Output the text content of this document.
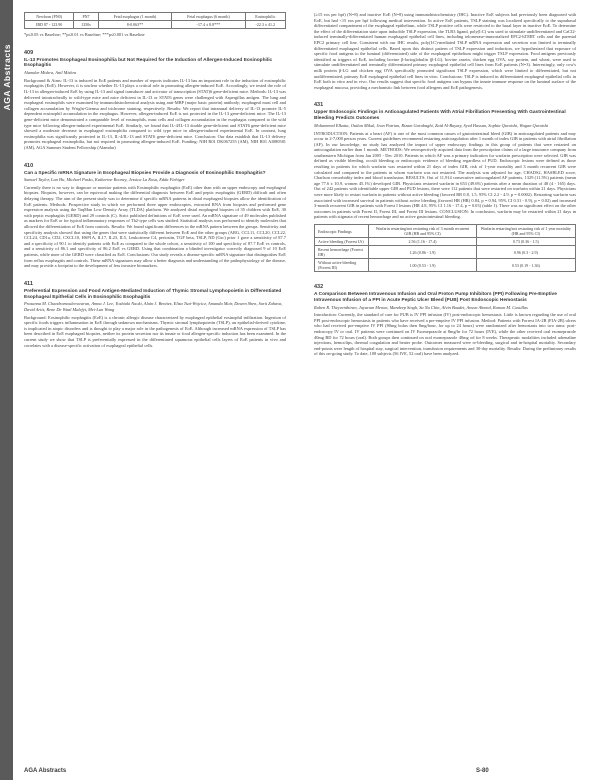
AGA Abstracts
Newborn (PN0)	PN7	Fetal esophagus (1 month)	Fetal esophagus (6 month)	Eosinophilic
IBD 87 - 123.90	1350s	8-0.063**	-17.4 ± 8.8***	-22.3 ± 41.2

*p≤0.05 vs Baseline; **p≤0.01 vs Baseline; ***p≤0.001 vs Baseline

409

IL-13 Promotes Esophageal Eosinophilia but Not Required for the Induction of Allergen-Induced Eosinophilic Esophagitis

Alamdar Mishra, Anil Mishra

Background & Aims: IL-13 is induced in EoE patients and number of reports indicates IL-13 has an important role in the induction of eosinophilic esophagitis (EoE). However, it is unclear whether IL-13 plays a critical role in promoting allergen-induced EoE. Accordingly, we tested the role of IL-13 in allergen-induced EoE by using IL-13 and signal transducer and activator of transcription (STAT)6 gene-deficient mice. Methods: IL-13 was delivered intratracheally to wild-type mice and mice deficient in IL-13 or STAT6 genes were challenged with Aspergillus antigen. The lung and esophageal eosinophils were examined by immunohistochemical analysis using anti-MBP (major basic protein) antibody; esophageal mast cell and collagen accumulation by Wright-Giemsa and trichrome staining, respectively. Results: We report that intranasal delivery of IL-13 promote IL-5 dependent eosinophil accumulation in the esophagus. However, allergen-induced EoE is not protected in the IL-13 gene-deficient mice. The IL-13 gene-deficient mice demonstrated a comparable level of eosinophils, mast cells and collagen accumulation in the esophagus compared to the wild type mice following allergen-induced experimental EoE. Similarly, we found that IL-4/IL-13 double gene-deficient and STAT6 gene-deficient mice showed a moderate decrease in esophageal eosinophilia compared to wild type mice in allergen-induced experimental EoE. In contrast, lung eosinophilia was significantly protected in IL-13, IL-4/IL-13 and STAT6 gene-deficient mice. Conclusion: Our data establish that IL-13 delivery promotes esophageal eosinophilia, but not required in promoting allergen-induced EoE. Funding: NIH R01 DK067255 (AM), NIH R01 AI080581 (AM), AGA Summer Student Fellowship (Alamdar)

410

Can a Specific mRNA Signature in Esophageal Biopsies Provide a Diagnosis of Eosinophilic Esophagitis?

Samuel Taylor, Lan Hu, Michael Pasko, Katherine Rooney, Jessica La Rosa, Edda Fiebiger

Currently there is no way to diagnose or monitor patients with Eosinophilic esophagitis (EoE) other than with an upper endoscopy and esophageal biopsies. Biopsies, however, can be equivocal making the differential diagnosis between EoE and peptic esophagitis (GERD) difficult and often delaying therapy. The aim of the present study was to determine if specific mRNA patterns in distal esophageal biopsies allow the identification of EoE patients. Methods: Prospective study in which we performed three upper endoscopies, extracted RNA from biopsies and performed gene expression analysis using the TaqMan Low Density Array (TLDA) platform. We analyzed distal esophageal biopsies of 35 children with EoE, 30 with peptic esophagitis (GERD) and 29 controls (C). Strict published definitions of EoE were used. An mRNA signature of 49 molecules published as markers for EoE or for typical inflammatory responses of Th2-type cells was studied. Statistical analysis was performed to identify molecules that allowed the differentiation of EoE from controls. Results: We found significant differences in the mRNA pattern between the groups. Sensitivity and specificity analysis showed that using the genes that were statistically different between EoE and the other groups (ARG, CCL11, CCL20, CCL22, CCL24, CD1a, CD2, CXCL10, HSP1A, IL17, IL23, IL5, Leukotriene C4, periostin, TGF beta, TSLP, ND (Gsc) prior 1 gave a sensitivity of 87.7 and a specificity of 90.1 to identify patients with EoE as compared to the whole cohort, a sensitivity of 100 and specificity of 87.7 EoE vs controls, and a sensitivity of 86.1 and specificity of 86.2 EoE vs GERD. Using that combination a blinded investigator correctly diagnosed 9 of 10 EoE patients, while none of the GERD were classified as EoE. Conclusions: Our study reveals a disease-specific mRNA signature that distinguishes EoE from reflux esophagitis and controls. These mRNA signatures may allow a better diagnosis and understanding of the pathophysiology of the disease, and may provide a footprint to the development of less invasive biomarkers.

411

Preferential Expression and Food Antigen-Mediated Induction of Thymic Stromal Lymphopoietin in Differentiated Esophageal Epithelial Cells in Eosinophilic Esophagitis

Prasanna M. Chandramouleeswaran, Amna J. Lee, Yoshiaki Naoki, Alain J. Benitez, Eliza Tsai-Wojcicz, Amanda Muir, Dawen Shen, Sarit Zahava, David Artis, Rene De Waal Malefyt, Mei-Lun Wang

Background: Eosinophilic esophagitis (EoE) is a chronic allergic disease characterized by esophageal epithelial eosinophil infiltration. Ingestion of specific foods triggers inflammation in EoE through unknown mechanisms. Thymic stromal lymphopoietin (TSLP), an epithelial-derived cytokine, is implicated in atopic disorders and is thought to play a major role in the pathogenesis of EoE. Although increased mRNA expression of TSLP has been described in EoE esophageal biopsies, neither its protein secretion nor its innate or food allergen-specific induction has been examined. In the current study we show that TSLP is preferentially expressed in the differentiated squamous epithelial cells layers of EoE patients in vivo and correlates with a disease-specific activation of esophageal epithelial cells.

(≥15 eos per hpf) (N=8) and inactive EoE (N=8) using immunohistochemistry (IHC). Inactive EoE subjects had previously been diagnosed with EoE, but had <15 eos per hpf following medical intervention. In active EoE patients, TSLP staining was localized specifically to the suprabasal differentiated compartment of the esophageal epithelium, while TSLP positive cells were restricted to the basal layer in inactive EoE. To determine the effect of the differentiation state upon inducible TSLP expression, the TLR3 ligand, poly(I:C) was used to stimulate undifferentiated and CaCl2-induced terminally-differentiated human esophageal epithelial cell lines, including telomerase-immortalized EPC2-hTERT cells and the parental EPC2 primary cell line. Consistent with our IHC results, poly(I:C)-mediated TSLP mRNA expression and secretion was limited to terminally differentiated esophageal epithelial cells. Based upon this distinct pattern of TSLP expression and induction, we hypothesized that exposure of specific food antigens to the luminal (differentiated) side of the esophageal epithelium might trigger TSLP expression. Food antigens previously identified as triggers of EoE, including bovine β-lactoglobulin (β-LG), bovine casein, chicken egg OVA, soy protein, and wheat, were used to stimulate undifferentiated and terminally differentiated primary esophageal epithelial cell lines from EoE patients (N=3). Interestingly, only cow's milk protein β-LG and chicken egg OVA specifically promoted significant TSLP expression, which were limited to differentiated, but not undifferentiated, primary EoE esophageal epithelial cell lines in vitro. Conclusions: TSLP is induced in differentiated esophageal epithelial cells in EoE both in vitro and in vivo. Our results suggest that specific food antigens can bypass the innate immune response on the luminal surface of the esophageal mucosa, providing a mechanistic link between food allergens and EoE pathogenesis.

431

Upper Endoscopic Findings in Anticoagulated Patients With Atrial Fibrillation Presenting With Gastrointestinal Bleeding Predicts Outcomes

Mohammed Elkatta, Outlan Mikal, Jean Patrian, Rizam Garabaghi, Zaid Al-Bayaty, Syed Hassan, Sophia Quraishi, Wagan Quraishi

INTRODUCTION: Patients at a heart (AF) is one of the most common causes of gastrointestinal bleed (GIB) in anticoagulated patients and may occur in 2-7,000 person years. Current guidelines recommend restarting anticoagulation after 1 month of index GIB in patients with atrial fibrillation (AF). In our knowledge, no study has analyzed the impact of upper endoscopy findings in this group of patients that were restarted on anticoagulation earlier than 1 month. METHODS: We retrospectively acquired data from the prescription claims of a large insurance company from southeastern Michigan from Jan 2005 - Dec 2010. Patients in which AF was a primary indication for warfarin prescription were selected. GIB was defined as visible bleeding, occult bleeding or endoscopic evidence of bleeding regardless of PUD. Endoscopic lesions were defined as those resulting in patients for which warfarin was restarted within 21 days of index GIB, risk of 1-year mortality and 3 month recurrent GIB were calculated and compared to the patients in whom warfarin was not restarted. The analysis was adjusted for age, CHADS2, HASBLED score, Charlson comorbidity index and blood transfusion. RESULTS: Out of 11,914 consecutive anticoagulated AF patients, 1329 (11.5%) patients (mean age 77.6 ± 10.9, women 45.1%) developed GIB. Physicians restarted warfarin in 653 (49.6%) patients after a mean duration of 48 (4 - 165) days. Out of 242 patients with identifiable upper GIB and PUD lesions, there were 112 patients that were restarted on warfarin within 21 days. Physicians were more likely to restart warfarin in patients without active bleeding (favored RR 0.8, 1.5, 95% CI 2.2 - 4.9, p = 0.0002). Restarting warfarin was associated with increased survival in patients without active bleeding (favored HR (HR) 0.84, p = 0.94, 95% CI 0.31 - 0.9), p = 0.02) and increased 3-month recurrent GIB in patients with Forest I lesions (HR 4.8, 95% CI 1.16 - 17.4, p = 0.03) (table 1). There was no significant effect on the other outcomes in patients with Forest II, Forest III, and Forest III lesions. CONCLUSION: In conclusion, warfarin may be restarted within 21 days in patients with stigmata of recent hemorrhage and no active gastrointestinal bleeding.

Endoscopic Findings	Warfarin restarting/not restarting risk of 3 month recurrent GIB (HR and 95% CI)	Warfarin restarting/not restarting risk of 1 year mortality (HR and 95% CI)
Active bleeding (Forrest IA)	2.56 (1.16 - 17.4)	0.73 (0.36 - 1.5)
Recent hemorrhage (Forrest IIB)	1.26 (0.86 - 1.9)	0.96 (0.3 - 2.9)
Without active bleeding (Forrest III)	1.00 (0.53 - 1.9)	0.53 (0.19 - 1.36)

432

A Comparison Between Intravenous Infusion and Oral Proton Pump Inhibitors (PPI) Following Pre-Emptive Intravenous Infusion of a PPI in Acute Peptic Ulcer Bleed (PUB) Post Endoscopic Hemostasis

Ruben R. Theyventhiran, Jayaram Menon, Mandeep Singh, Su Na Chin, Alvin Baudet, Anson Ahmed, Ramon M. Castillas

Introduction: Currently, the standard of care for PUB is IV PPI infusion (IV) post-endoscopic hemostasis. Little is known regarding the use of oral PPI post-endoscopic hemostasis in patients who have received a pre-emptive IV PPI infusion. Method: Patients with Forrest IA-2B (FIA-2B) ulcers who had received pre-emptive IV PPI (80mg bolus then 8mg/hour, for up to 24 hours) were randomized after hemostasis into two arms: post-endoscopy IV or oral. IV patients were continued on IV Esomeprazole at 8mg/hr for 72 hours (IVE), while the other received oral esomeprazole 40mg BD for 72 hours (oral). Both groups then continued on oral esomeprazole 40mg od for 8 weeks. Therapeutic modalities included adrenaline injections, hemoclips, thermal coagulation and heater probe. Outcomes measured were re-bleeding, surgical and in-hospital mortality. Secondary end-points were length of hospital stay, surgical intervention, transfusion requirements and 30-day mortality. Results: During the preliminary results of this on-going study. To date, 108 subjects (56 IVE, 52 oral) have been analyzed.

AGA Abstracts	S-80
